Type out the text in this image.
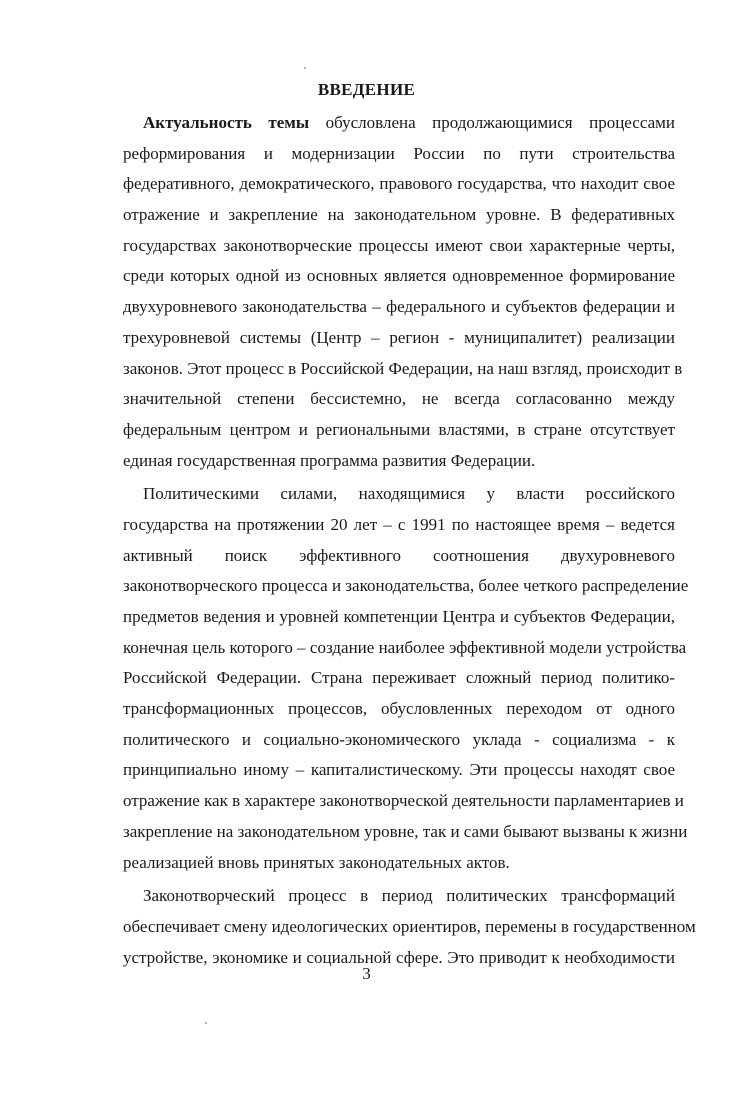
ВВЕДЕНИЕ
Актуальность темы обусловлена продолжающимися процессами
реформирования и модернизации России по пути строительства
федеративного, демократического, правового государства, что находит свое
отражение и закрепление на законодательном уровне. В федеративных
государствах законотворческие процессы имеют свои характерные черты,
среди которых одной из основных является одновременное формирование
двухуровневого законодательства – федерального и субъектов федерации и
трехуровневой системы (Центр – регион - муниципалитет) реализации
законов. Этот процесс в Российской Федерации, на наш взгляд, происходит в
значительной степени бессистемно, не всегда согласованно между
федеральным центром и региональными властями, в стране отсутствует
единая государственная программа развития Федерации.
Политическими силами, находящимися у власти российского
государства на протяжении 20 лет – с 1991 по настоящее время – ведется
активный поиск эффективного соотношения двухуровневого
законотворческого процесса и законодательства, более четкого распределение
предметов ведения и уровней компетенции Центра и субъектов Федерации,
конечная цель которого – создание наиболее эффективной модели устройства
Российской Федерации. Страна переживает сложный период политико-
трансформационных процессов, обусловленных переходом от одного
политического и социально-экономического уклада - социализма - к
принципиально иному – капиталистическому. Эти процессы находят свое
отражение как в характере законотворческой деятельности парламентариев и
закрепление на законодательном уровне, так и сами бывают вызваны к жизни
реализацией вновь принятых законодательных актов.
Законотворческий процесс в период политических трансформаций
обеспечивает смену идеологических ориентиров, перемены в государственном
устройстве, экономике и социальной сфере. Это приводит к необходимости
3
